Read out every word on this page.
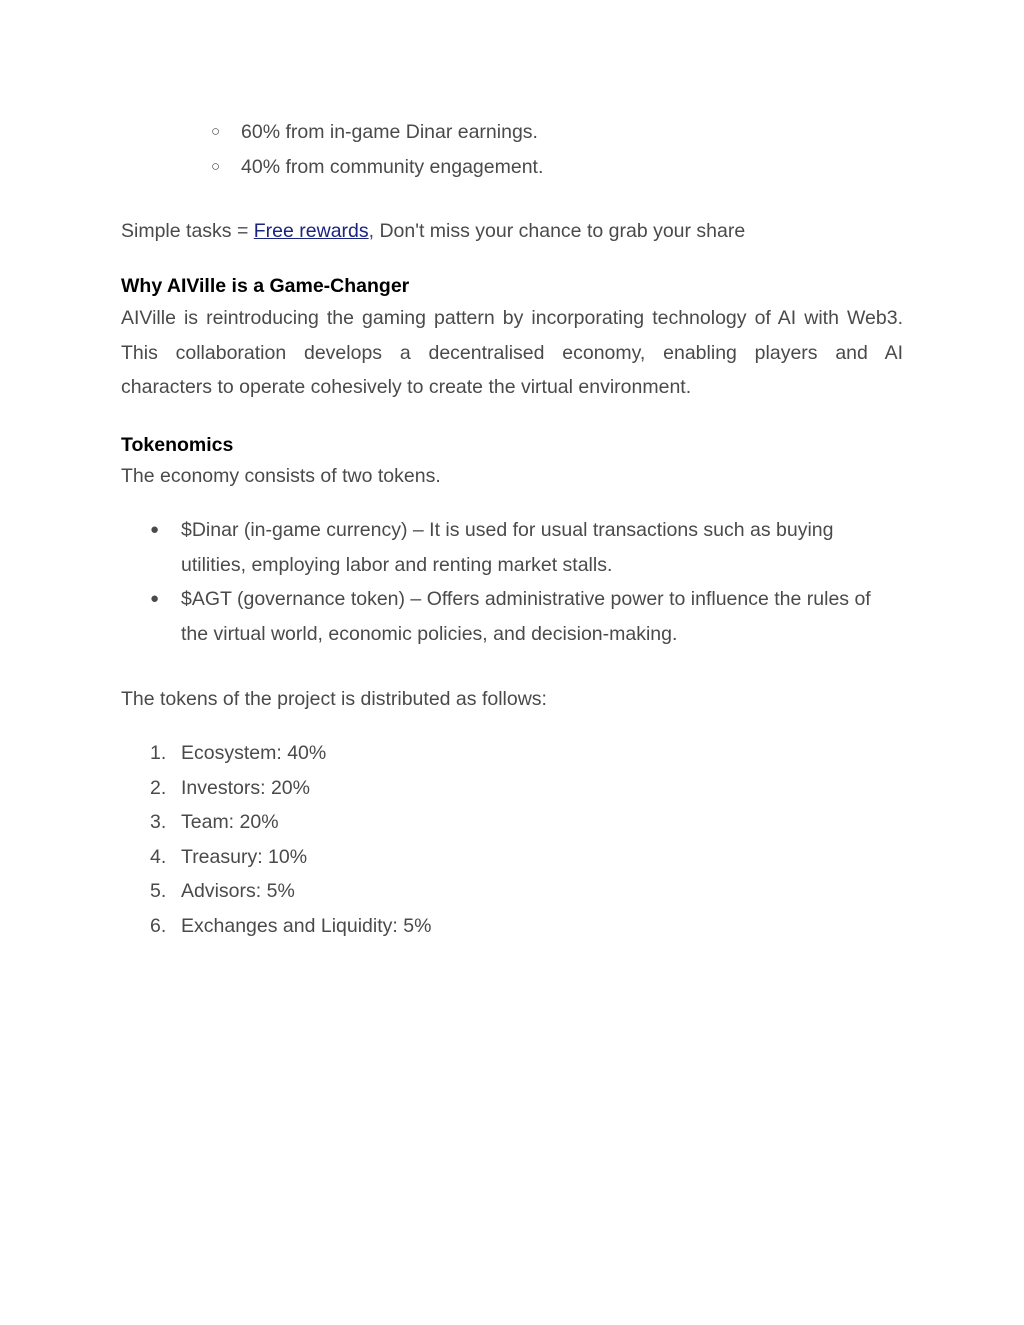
○ 60% from in-game Dinar earnings.
○ 40% from community engagement.

Simple tasks = Free rewards, Don't miss your chance to grab your share

Why AIVille is a Game-Changer

AIVille is reintroducing the gaming pattern by incorporating technology of AI with Web3.

This collaboration develops a decentralised economy, enabling players and AI

characters to operate cohesively to create the virtual environment.

Tokenomics

The economy consists of two tokens.

● $Dinar (in-game currency) – It is used for usual transactions such as buying
utilities, employing labor and renting market stalls.
● $AGT (governance token) – Offers administrative power to influence the rules of
the virtual world, economic policies, and decision-making.

The tokens of the project is distributed as follows:

1. Ecosystem: 40%
2. Investors: 20%
3. Team: 20%
4. Treasury: 10%
5. Advisors: 5%
6. Exchanges and Liquidity: 5%
